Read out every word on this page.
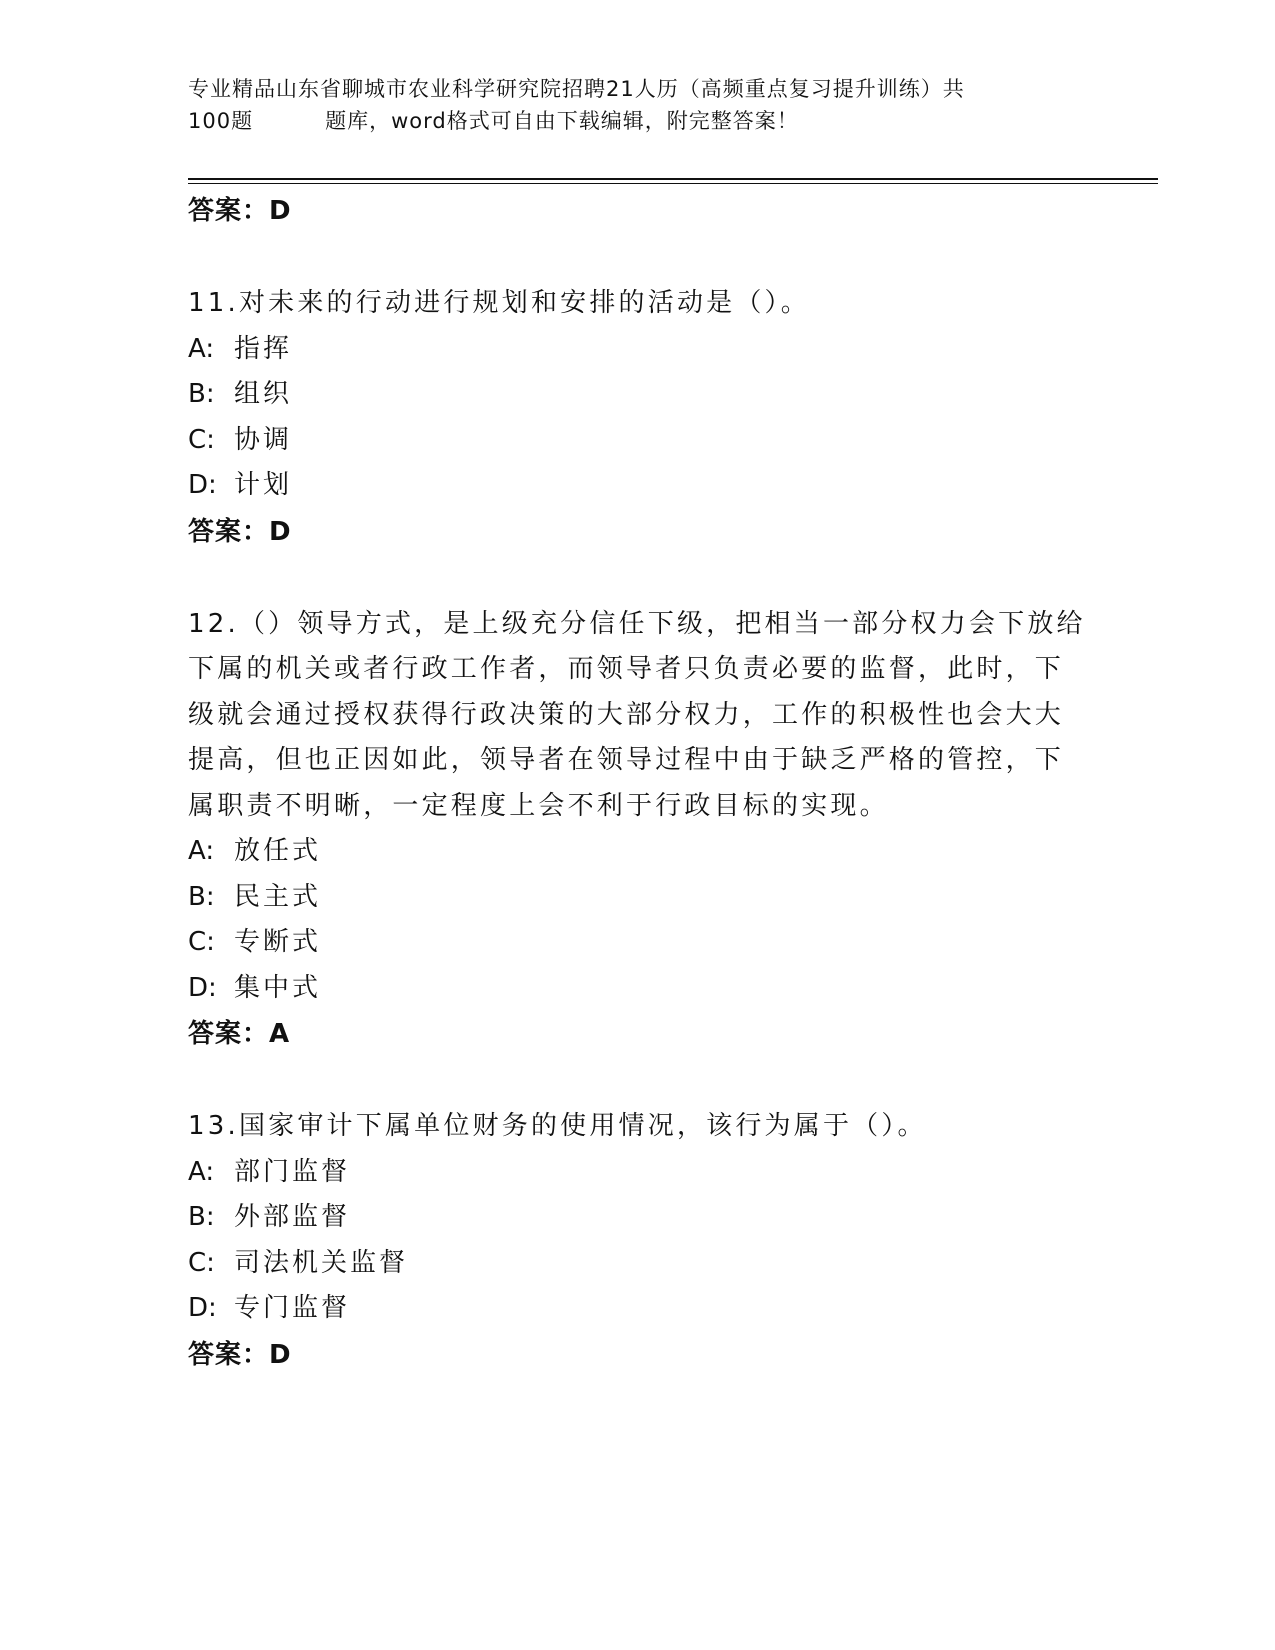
专业精品山东省聊城市农业科学研究院招聘21人历（高频重点复习提升训练）共
100题	题库，word格式可自由下载编辑，附完整答案！

答案：D

11.对未来的行动进行规划和安排的活动是（）。

A: 指挥

B: 组织

C: 协调

D: 计划

答案：D

12.（）领导方式，是上级充分信任下级，把相当一部分权力会下放给

下属的机关或者行政工作者，而领导者只负责必要的监督，此时，下

级就会通过授权获得行政决策的大部分权力，工作的积极性也会大大

提高，但也正因如此，领导者在领导过程中由于缺乏严格的管控，下

属职责不明晰，一定程度上会不利于行政目标的实现。

A: 放任式

B: 民主式

C: 专断式

D: 集中式

答案：A

13.国家审计下属单位财务的使用情况，该行为属于（）。

A: 部门监督

B: 外部监督

C: 司法机关监督

D: 专门监督

答案：D
